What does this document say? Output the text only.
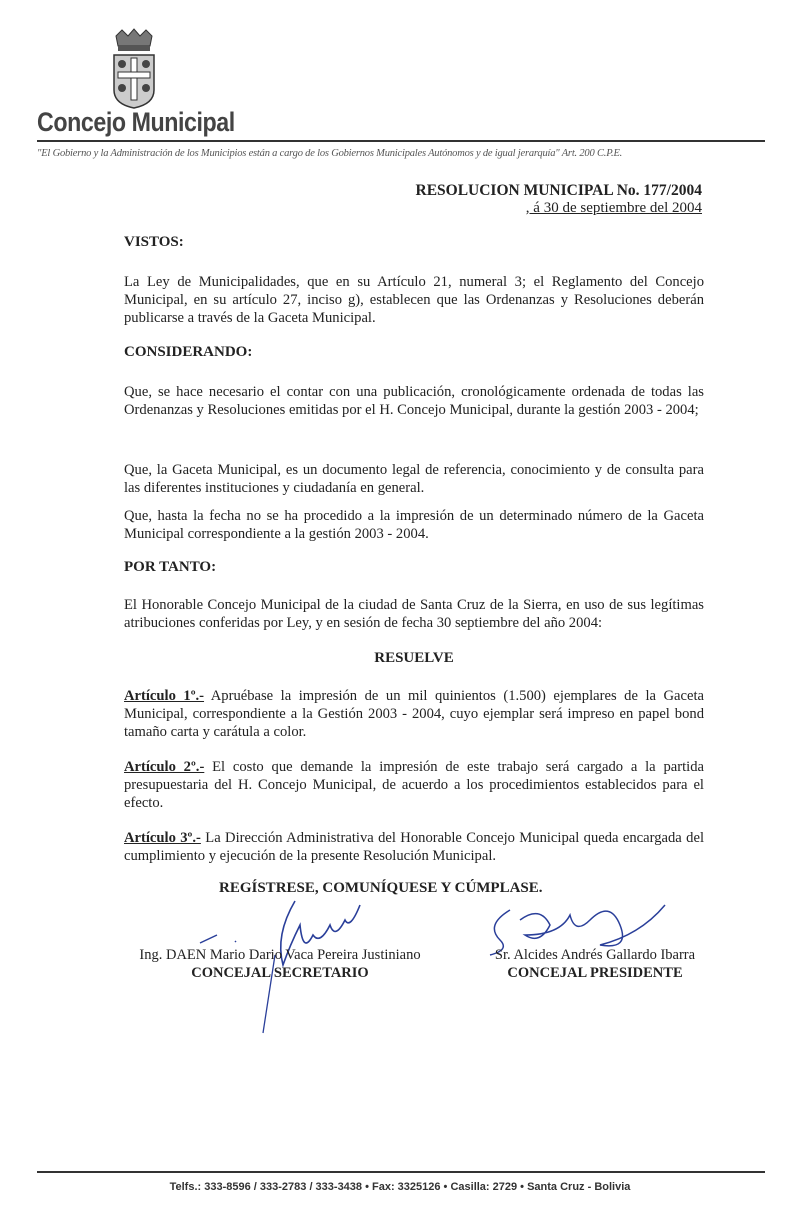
Concejo Municipal
"El Gobierno y la Administración de los Municipios están a cargo de los Gobiernos Municipales Autónomos y de igual jerarquía" Art. 200 C.P.E.
RESOLUCION MUNICIPAL No. 177/2004
, á 30 de septiembre del 2004
VISTOS:
La Ley de Municipalidades, que en su Artículo 21, numeral 3; el Reglamento del Concejo Municipal, en su artículo 27, inciso g), establecen que las Ordenanzas y Resoluciones deberán publicarse a través de la Gaceta Municipal.
CONSIDERANDO:
Que, se hace necesario el contar con una publicación, cronológicamente ordenada de todas las Ordenanzas y Resoluciones emitidas por el H. Concejo Municipal, durante la gestión 2003 - 2004;
Que, la Gaceta Municipal, es un documento legal de referencia, conocimiento y de consulta para las diferentes instituciones y ciudadanía en general.
Que, hasta la fecha no se ha procedido a la impresión de un determinado número de la Gaceta Municipal correspondiente a la gestión 2003 - 2004.
POR TANTO:
El Honorable Concejo Municipal de la ciudad de Santa Cruz de la Sierra, en uso de sus legítimas atribuciones conferidas por Ley, y en sesión de fecha 30 septiembre del año 2004:
RESUELVE
Artículo 1º.- Apruébase la impresión de un mil quinientos (1.500) ejemplares de la Gaceta Municipal, correspondiente a la Gestión 2003 - 2004, cuyo ejemplar será impreso en papel bond tamaño carta y carátula a color.
Artículo 2º.- El costo que demande la impresión de este trabajo será cargado a la partida presupuestaria del H. Concejo Municipal, de acuerdo a los procedimientos establecidos para el efecto.
Artículo 3º.- La Dirección Administrativa del Honorable Concejo Municipal queda encargada del cumplimiento y ejecución de la presente Resolución Municipal.
REGÍSTRESE, COMUNÍQUESE Y CÚMPLASE.
Ing. DAEN Mario Dario Vaca Pereira Justiniano
CONCEJAL SECRETARIO
Sr. Alcides Andrés Gallardo Ibarra
CONCEJAL PRESIDENTE
Telfs.: 333-8596 / 333-2783 / 333-3438 • Fax: 3325126 • Casilla: 2729 • Santa Cruz - Bolivia
